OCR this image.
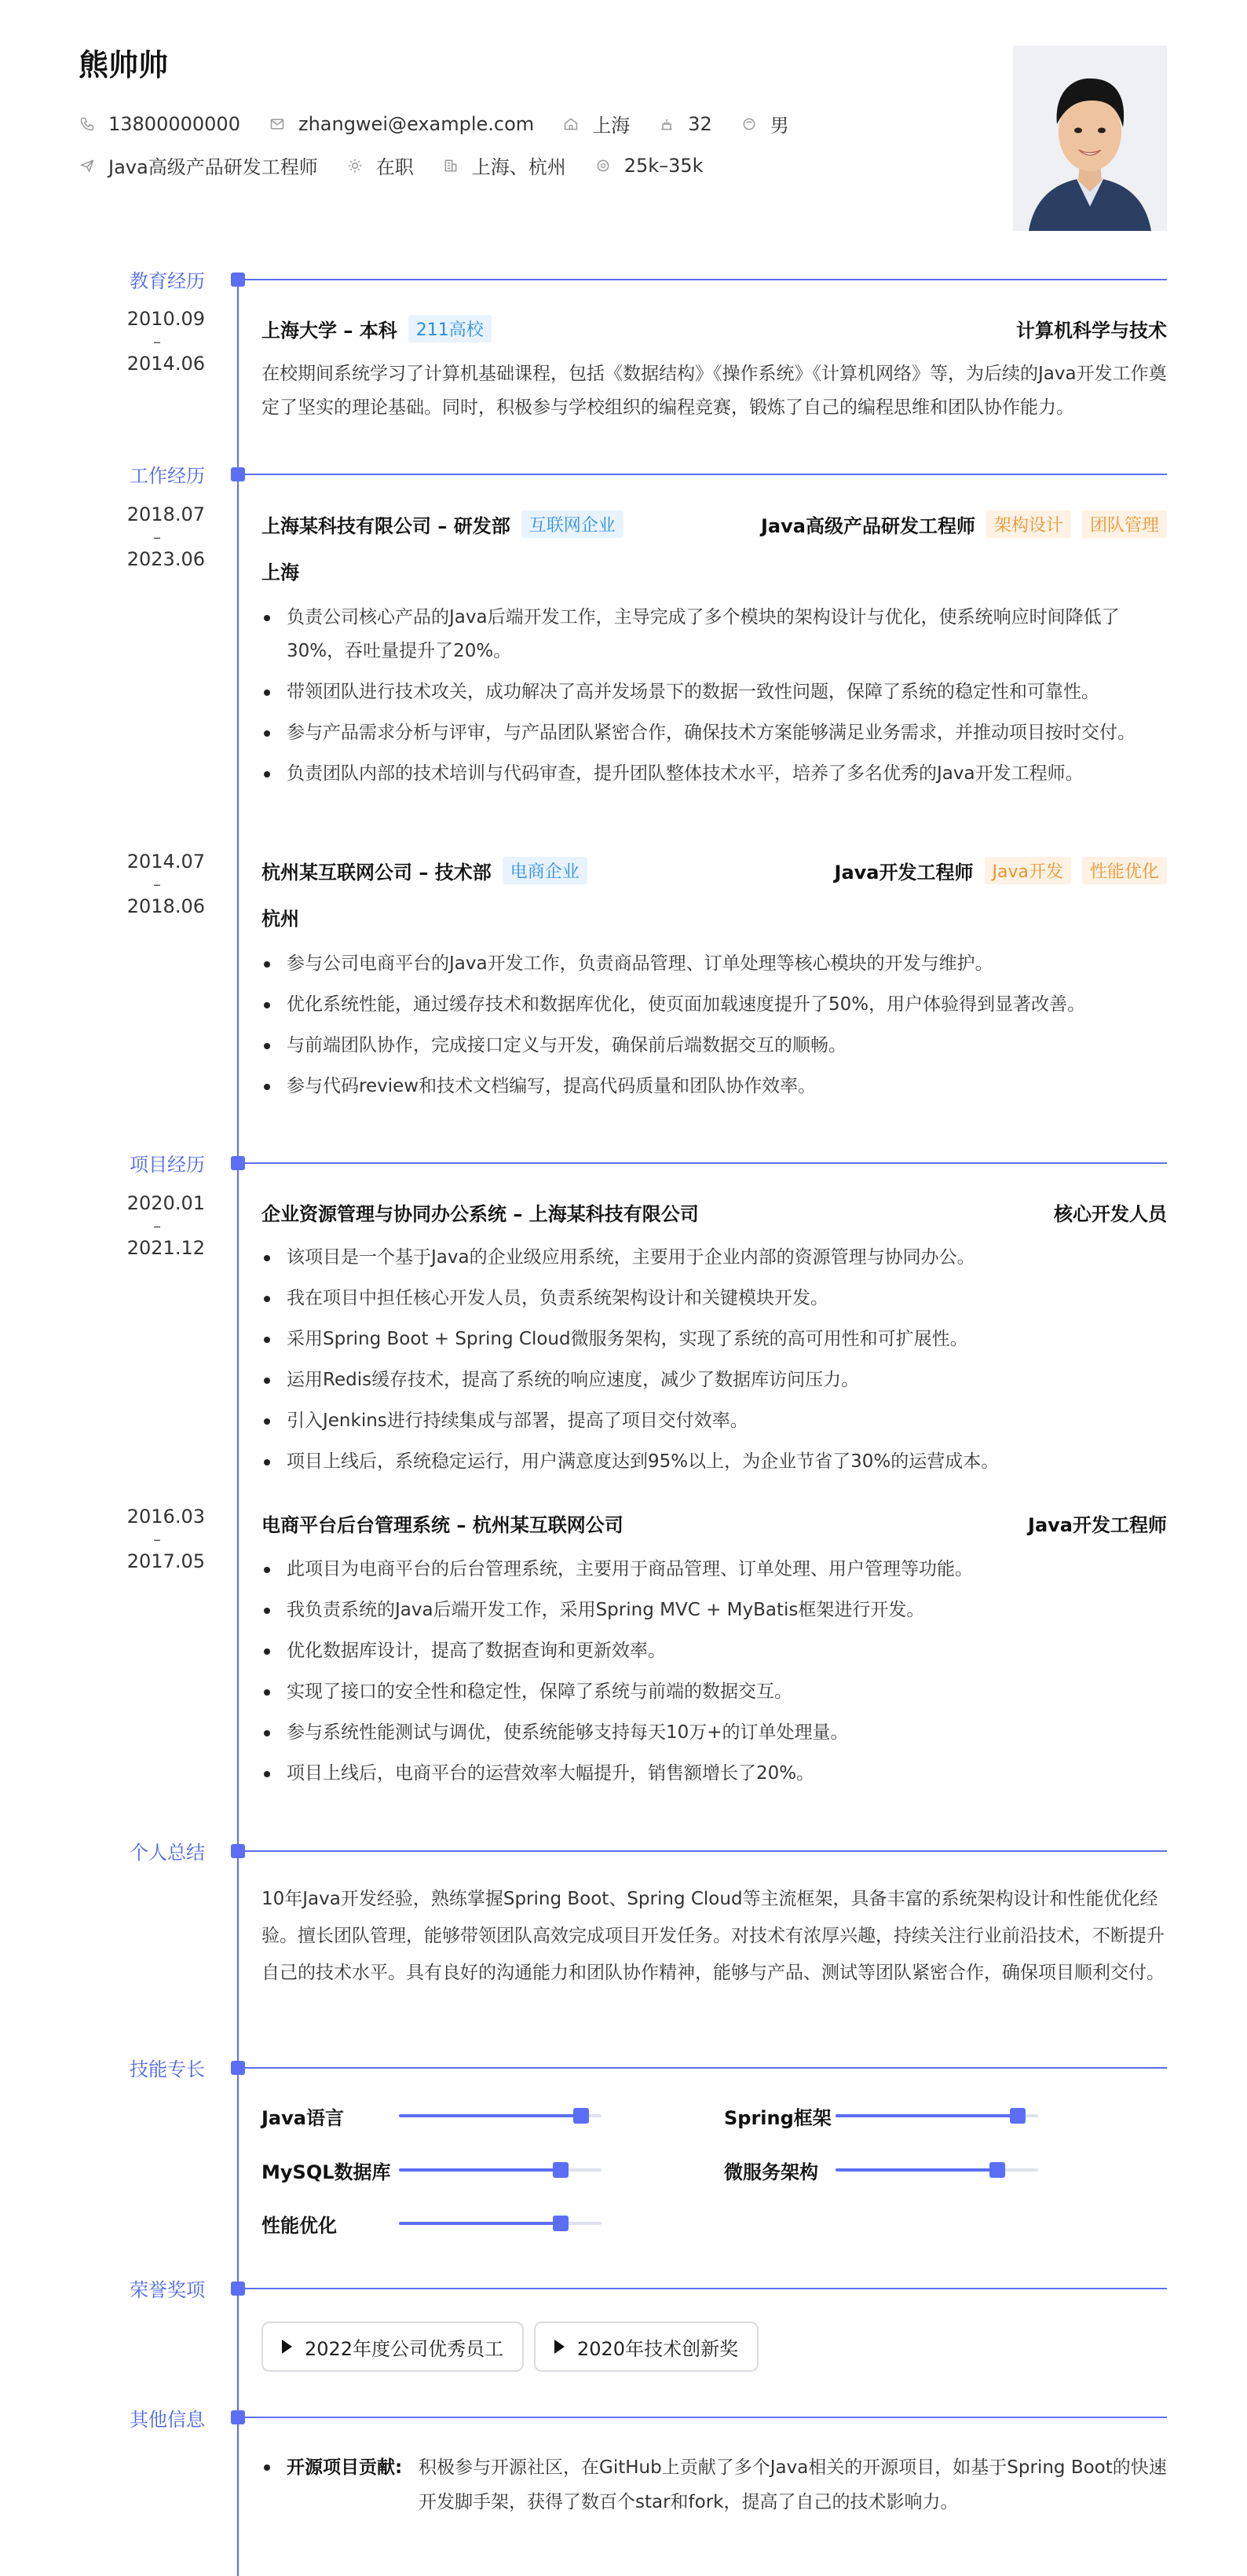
熊帅帅
13800000000	zhangwei@example.com	上海	32	男
Java高级产品研发工程师	在职	上海、杭州	25k–35k
教育经历
2010.09
–
2014.06
上海大学 – 本科	211高校	计算机科学与技术
在校期间系统学习了计算机基础课程，包括《数据结构》《操作系统》《计算机网络》等，为后续的Java开发工作奠定了坚实的理论基础。同时，积极参与学校组织的编程竞赛，锻炼了自己的编程思维和团队协作能力。
工作经历
2018.07
–
2023.06
上海某科技有限公司 – 研发部	互联网企业	Java高级产品研发工程师	架构设计	团队管理
上海
负责公司核心产品的Java后端开发工作，主导完成了多个模块的架构设计与优化，使系统响应时间降低了30%，吞吐量提升了20%。
带领团队进行技术攻关，成功解决了高并发场景下的数据一致性问题，保障了系统的稳定性和可靠性。
参与产品需求分析与评审，与产品团队紧密合作，确保技术方案能够满足业务需求，并推动项目按时交付。
负责团队内部的技术培训与代码审查，提升团队整体技术水平，培养了多名优秀的Java开发工程师。
2014.07
–
2018.06
杭州某互联网公司 – 技术部	电商企业	Java开发工程师	Java开发	性能优化
杭州
参与公司电商平台的Java开发工作，负责商品管理、订单处理等核心模块的开发与维护。
优化系统性能，通过缓存技术和数据库优化，使页面加载速度提升了50%，用户体验得到显著改善。
与前端团队协作，完成接口定义与开发，确保前后端数据交互的顺畅。
参与代码review和技术文档编写，提高代码质量和团队协作效率。
项目经历
2020.01
–
2021.12
企业资源管理与协同办公系统 – 上海某科技有限公司	核心开发人员
该项目是一个基于Java的企业级应用系统，主要用于企业内部的资源管理与协同办公。
我在项目中担任核心开发人员，负责系统架构设计和关键模块开发。
采用Spring Boot + Spring Cloud微服务架构，实现了系统的高可用性和可扩展性。
运用Redis缓存技术，提高了系统的响应速度，减少了数据库访问压力。
引入Jenkins进行持续集成与部署，提高了项目交付效率。
项目上线后，系统稳定运行，用户满意度达到95%以上，为企业节省了30%的运营成本。
2016.03
–
2017.05
电商平台后台管理系统 – 杭州某互联网公司	Java开发工程师
此项目为电商平台的后台管理系统，主要用于商品管理、订单处理、用户管理等功能。
我负责系统的Java后端开发工作，采用Spring MVC + MyBatis框架进行开发。
优化数据库设计，提高了数据查询和更新效率。
实现了接口的安全性和稳定性，保障了系统与前端的数据交互。
参与系统性能测试与调优，使系统能够支持每天10万+的订单处理量。
项目上线后，电商平台的运营效率大幅提升，销售额增长了20%。
个人总结
10年Java开发经验，熟练掌握Spring Boot、Spring Cloud等主流框架，具备丰富的系统架构设计和性能优化经验。擅长团队管理，能够带领团队高效完成项目开发任务。对技术有浓厚兴趣，持续关注行业前沿技术，不断提升自己的技术水平。具有良好的沟通能力和团队协作精神，能够与产品、测试等团队紧密合作，确保项目顺利交付。
技能专长
Java语言	Spring框架
MySQL数据库	微服务架构
性能优化
荣誉奖项
2022年度公司优秀员工	2020年技术创新奖
其他信息
开源项目贡献: 积极参与开源社区，在GitHub上贡献了多个Java相关的开源项目，如基于Spring Boot的快速开发脚手架，获得了数百个star和fork，提高了自己的技术影响力。
